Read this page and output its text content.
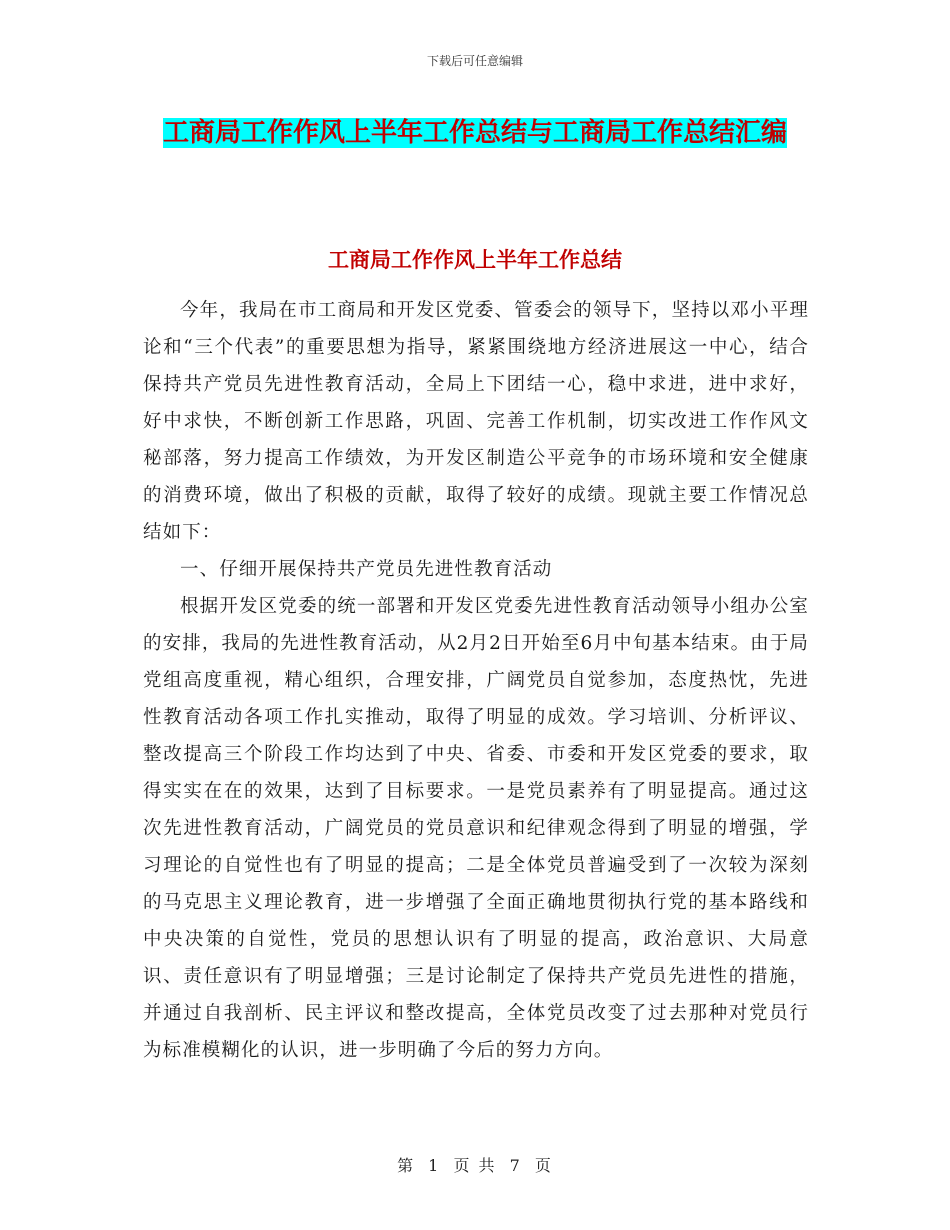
下载后可任意编辑
工商局工作作风上半年工作总结与工商局工作总结汇编
工商局工作作风上半年工作总结

今年，我局在市工商局和开发区党委、管委会的领导下，坚持以邓小平理论和“三个代表”的重要思想为指导，紧紧围绕地方经济进展这一中心，结合保持共产党员先进性教育活动，全局上下团结一心，稳中求进，进中求好，好中求快，不断创新工作思路，巩固、完善工作机制，切实改进工作作风文秘部落，努力提高工作绩效，为开发区制造公平竞争的市场环境和安全健康的消费环境，做出了积极的贡献，取得了较好的成绩。现就主要工作情况总结如下：

一、仔细开展保持共产党员先进性教育活动

根据开发区党委的统一部署和开发区党委先进性教育活动领导小组办公室的安排，我局的先进性教育活动，从2月2日开始至6月中旬基本结束。由于局党组高度重视，精心组织，合理安排，广阔党员自觉参加，态度热忱，先进性教育活动各项工作扎实推动，取得了明显的成效。学习培训、分析评议、整改提高三个阶段工作均达到了中央、省委、市委和开发区党委的要求，取得实实在在的效果，达到了目标要求。一是党员素养有了明显提高。通过这次先进性教育活动，广阔党员的党员意识和纪律观念得到了明显的增强，学习理论的自觉性也有了明显的提高；二是全体党员普遍受到了一次较为深刻的马克思主义理论教育，进一步增强了全面正确地贯彻执行党的基本路线和中央决策的自觉性，党员的思想认识有了明显的提高，政治意识、大局意识、责任意识有了明显增强；三是讨论制定了保持共产党员先进性的措施，并通过自我剖析、民主评议和整改提高，全体党员改变了过去那种对党员行为标准模糊化的认识，进一步明确了今后的努力方向。

第 1 页 共 7 页
